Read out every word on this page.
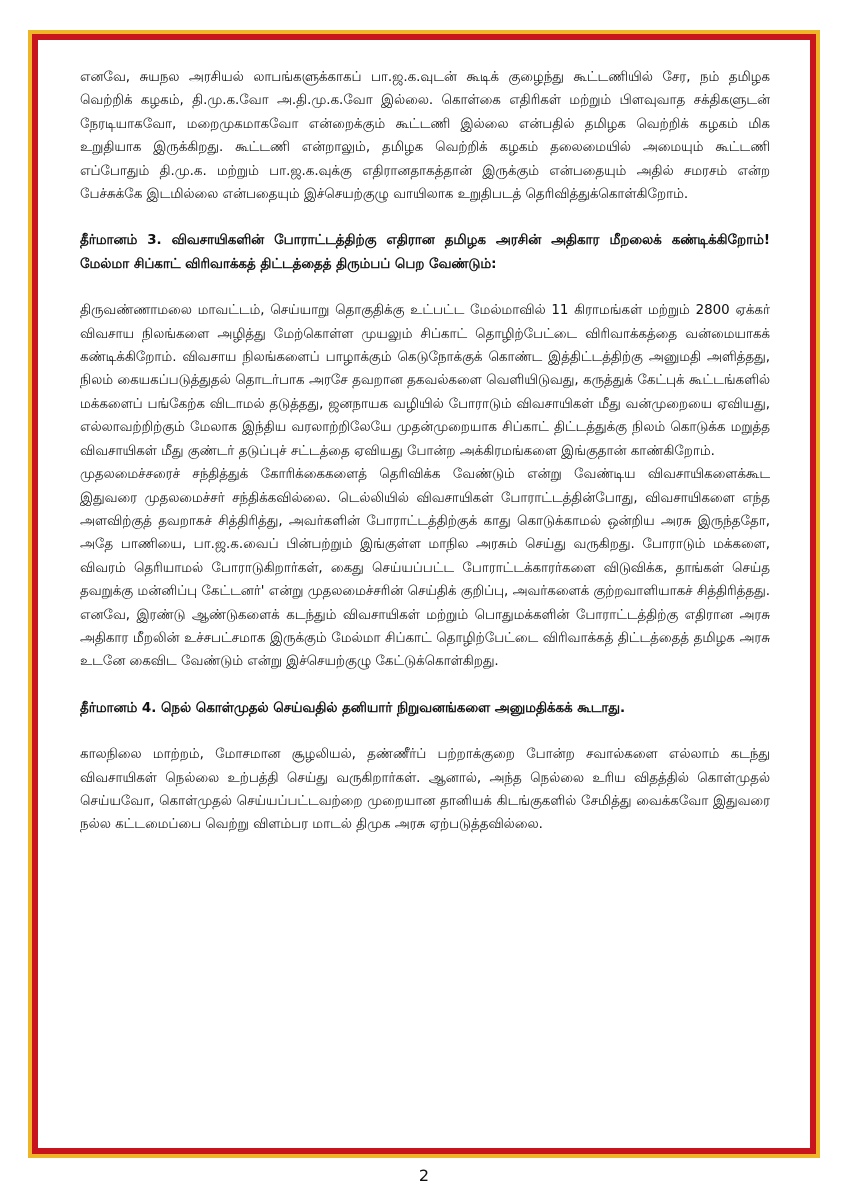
எனவே, சுயநல அரசியல் லாபங்களுக்காகப் பா.ஜ.க.வுடன் கூடிக் குழைந்து கூட்டணியில் சேர, நம் தமிழக வெற்றிக் கழகம், தி.மு.க.வோ அ.தி.மு.க.வோ இல்லை. கொள்கை எதிரிகள் மற்றும் பிளவுவாத சக்திகளுடன் நேரடியாகவோ, மறைமுகமாகவோ என்றைக்கும் கூட்டணி இல்லை என்பதில் தமிழக வெற்றிக் கழகம் மிக உறுதியாக இருக்கிறது. கூட்டணி என்றாலும், தமிழக வெற்றிக் கழகம் தலைமையில் அமையும் கூட்டணி எப்போதும் தி.மு.க. மற்றும் பா.ஜ.க.வுக்கு எதிரானதாகத்தான் இருக்கும் என்பதையும் அதில் சமரசம் என்ற பேச்சுக்கே இடமில்லை என்பதையும் இச்செயற்குழு வாயிலாக உறுதிபடத் தெரிவித்துக்கொள்கிறோம்.

தீர்மானம் 3. விவசாயிகளின் போராட்டத்திற்கு எதிரான தமிழக அரசின் அதிகார மீறலைக் கண்டிக்கிறோம்! மேல்மா சிப்காட் விரிவாக்கத் திட்டத்தைத் திரும்பப் பெற வேண்டும்:

திருவண்ணாமலை மாவட்டம், செய்யாறு தொகுதிக்கு உட்பட்ட மேல்மாவில் 11 கிராமங்கள் மற்றும் 2800 ஏக்கர் விவசாய நிலங்களை அழித்து மேற்கொள்ள முயலும் சிப்காட் தொழிற்பேட்டை விரிவாக்கத்தை வன்மையாகக் கண்டிக்கிறோம். விவசாய நிலங்களைப் பாழாக்கும் கெடுநோக்குக் கொண்ட இத்திட்டத்திற்கு அனுமதி அளித்தது, நிலம் கையகப்படுத்துதல் தொடர்பாக அரசே தவறான தகவல்களை வெளியிடுவது, கருத்துக் கேட்புக் கூட்டங்களில் மக்களைப் பங்கேற்க விடாமல் தடுத்தது, ஜனநாயக வழியில் போராடும் விவசாயிகள் மீது வன்முறையை ஏவியது, எல்லாவற்றிற்கும் மேலாக இந்திய வரலாற்றிலேயே முதன்முறையாக சிப்காட் திட்டத்துக்கு நிலம் கொடுக்க மறுத்த விவசாயிகள் மீது குண்டர் தடுப்புச் சட்டத்தை ஏவியது போன்ற அக்கிரமங்களை இங்குதான் காண்கிறோம்.

முதலமைச்சரைச் சந்தித்துக் கோரிக்கைகளைத் தெரிவிக்க வேண்டும் என்று வேண்டிய விவசாயிகளைக்கூட இதுவரை முதலமைச்சர் சந்திக்கவில்லை. டெல்லியில் விவசாயிகள் போராட்டத்தின்போது, விவசாயிகளை எந்த அளவிற்குத் தவறாகச் சித்திரித்து, அவர்களின் போராட்டத்திற்குக் காது கொடுக்காமல் ஒன்றிய அரசு இருந்ததோ, அதே பாணியை, பா.ஜ.க.வைப் பின்பற்றும் இங்குள்ள மாநில அரசும் செய்து வருகிறது. போராடும் மக்களை, விவரம் தெரியாமல் போராடுகிறார்கள், கைது செய்யப்பட்ட போராட்டக்காரர்களை விடுவிக்க, தாங்கள் செய்த தவறுக்கு மன்னிப்பு கேட்டனர்' என்று முதலமைச்சரின் செய்திக் குறிப்பு, அவர்களைக் குற்றவாளியாகச் சித்திரித்தது. எனவே, இரண்டு ஆண்டுகளைக் கடந்தும் விவசாயிகள் மற்றும் பொதுமக்களின் போராட்டத்திற்கு எதிரான அரசு அதிகார மீறலின் உச்சபட்சமாக இருக்கும் மேல்மா சிப்காட் தொழிற்பேட்டை விரிவாக்கத் திட்டத்தைத் தமிழக அரசு உடனே கைவிட வேண்டும் என்று இச்செயற்குழு கேட்டுக்கொள்கிறது.

தீர்மானம் 4. நெல் கொள்முதல் செய்வதில் தனியார் நிறுவனங்களை அனுமதிக்கக் கூடாது.

காலநிலை மாற்றம், மோசமான சூழலியல், தண்ணீர்ப் பற்றாக்குறை போன்ற சவால்களை எல்லாம் கடந்து விவசாயிகள் நெல்லை உற்பத்தி செய்து வருகிறார்கள். ஆனால், அந்த நெல்லை உரிய விதத்தில் கொள்முதல் செய்யவோ, கொள்முதல் செய்யப்பட்டவற்றை முறையான தானியக் கிடங்குகளில் சேமித்து வைக்கவோ இதுவரை நல்ல கட்டமைப்பை வெற்று விளம்பர மாடல் திமுக அரசு ஏற்படுத்தவில்லை.

2
